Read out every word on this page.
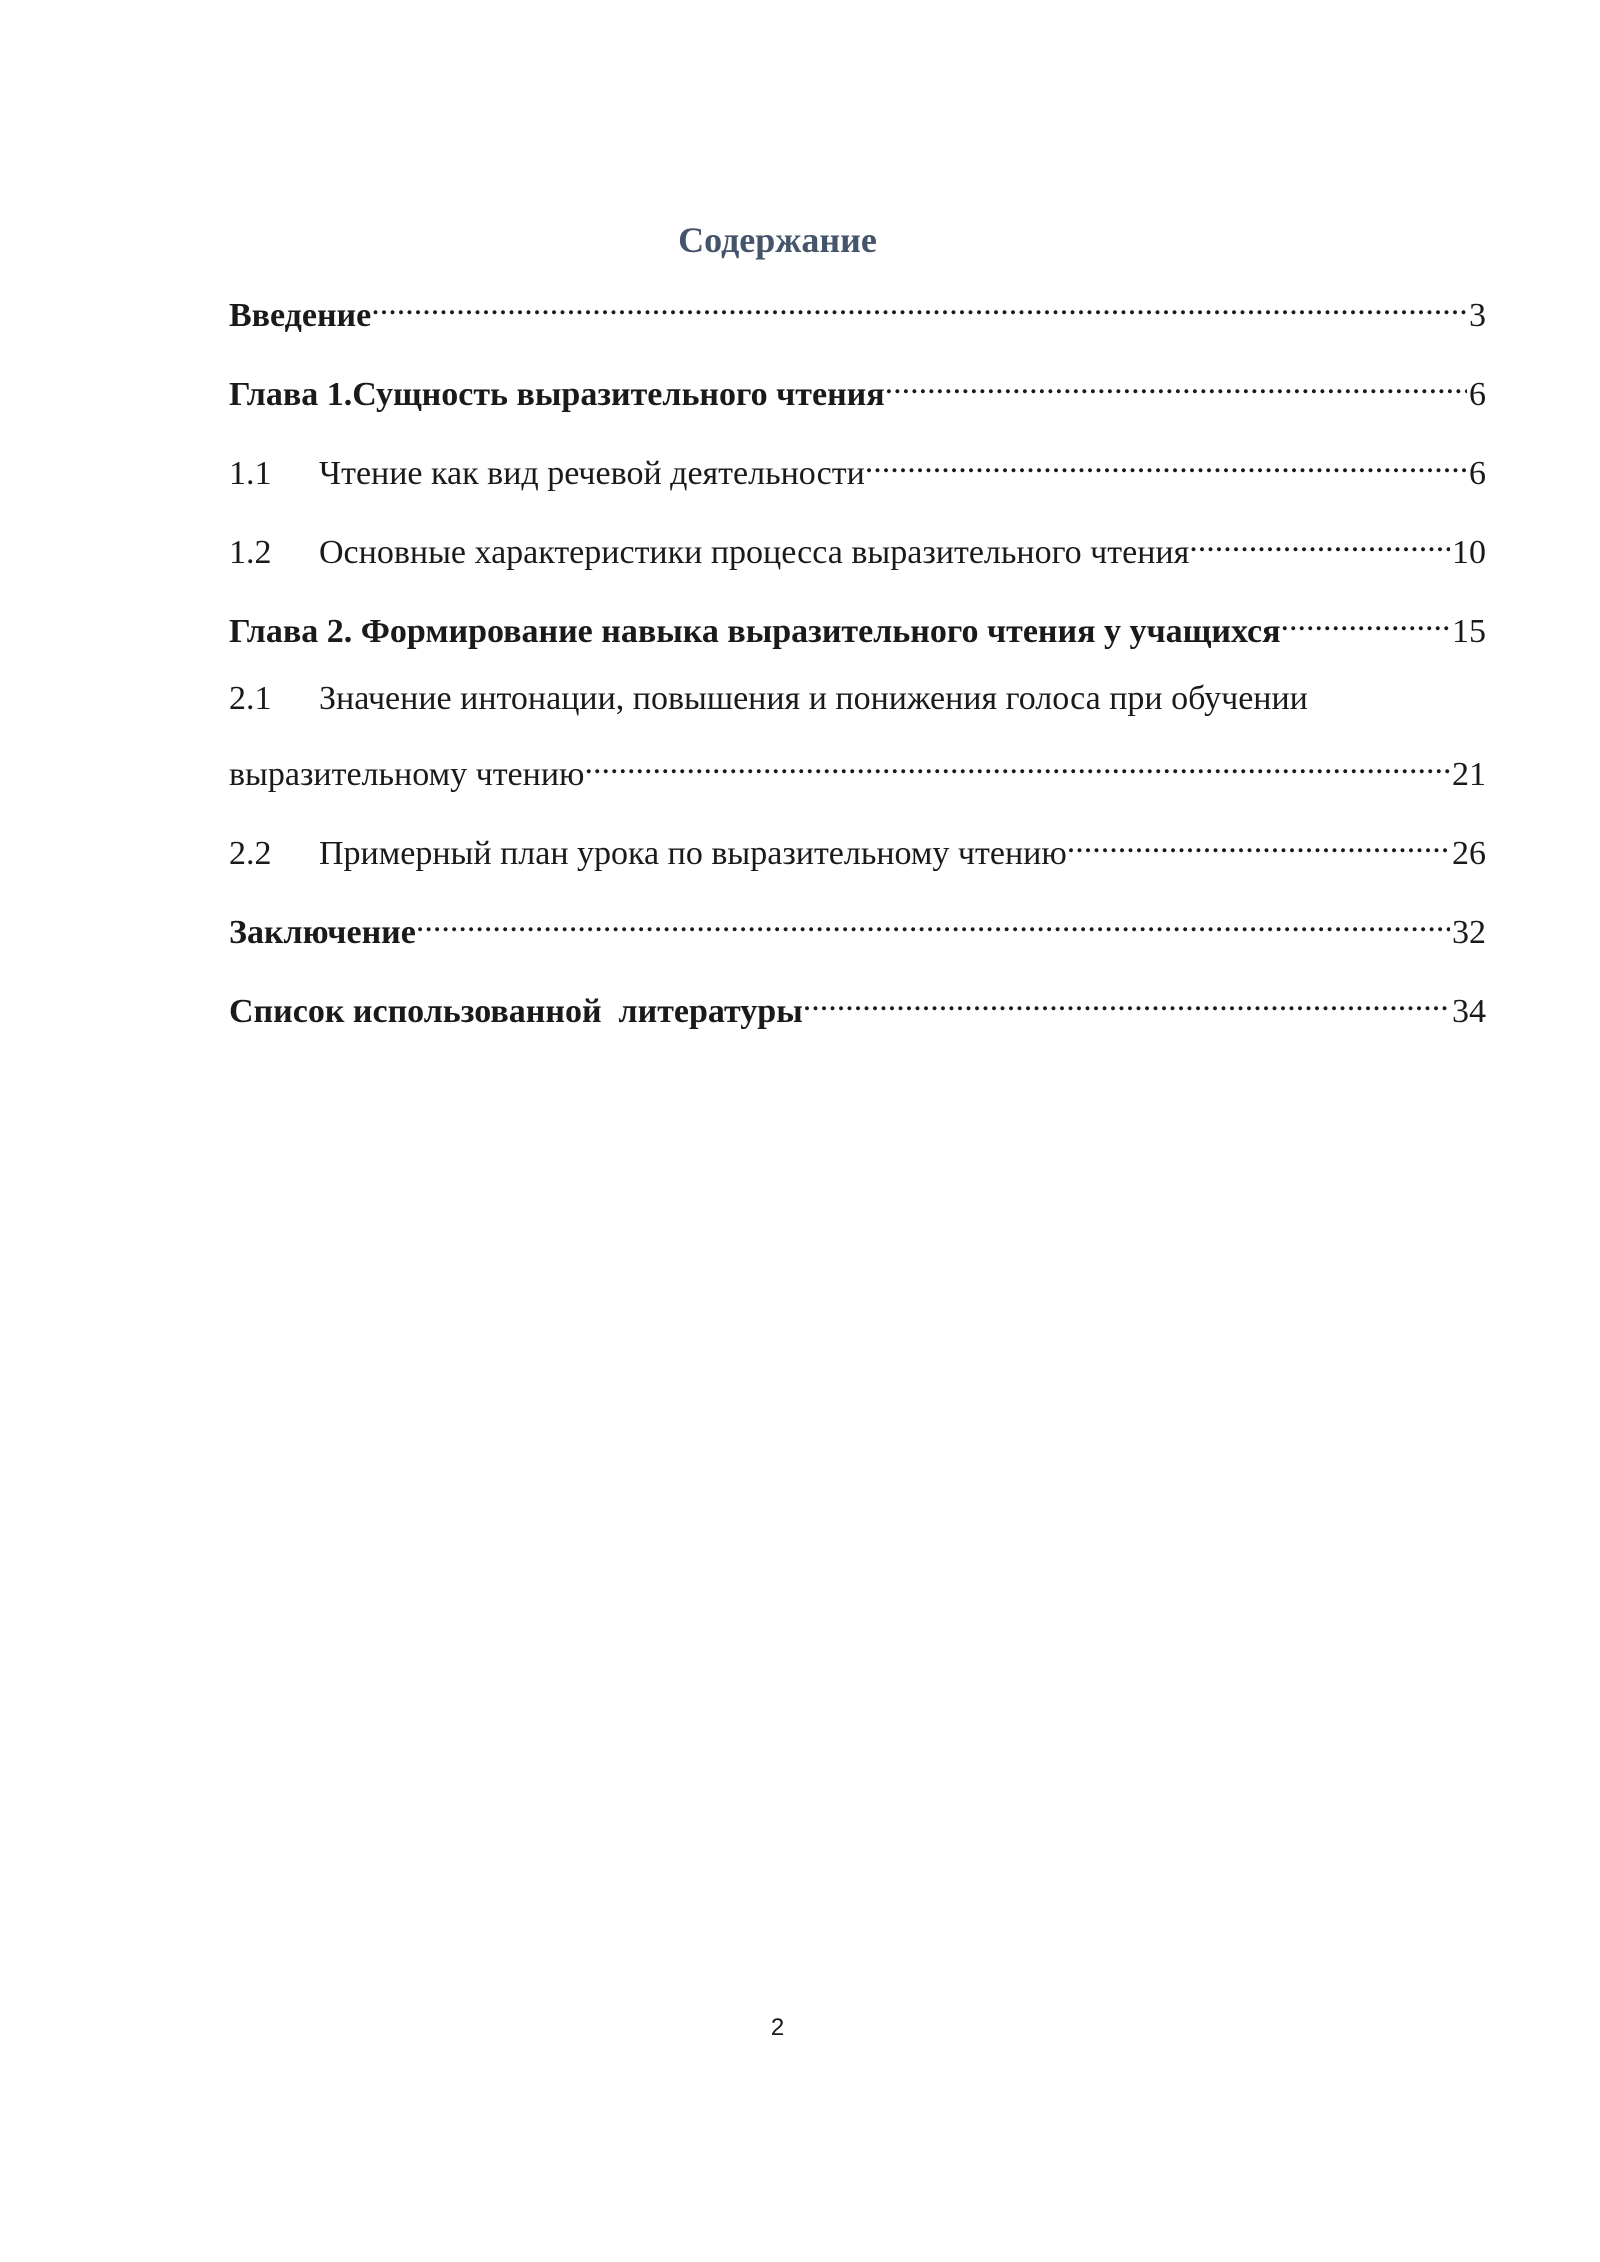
Содержание
Введение .....	3
Глава 1.Сущность выразительного чтения .....	6
1.1	Чтение как вид речевой деятельности .....	6
1.2	Основные характеристики процесса выразительного чтения .....	10
Глава 2. Формирование навыка выразительного чтения у учащихся .....	15
2.1	Значение интонации, повышения и понижения голоса при обучении
выразительному чтению .....	21
2.2	Примерный план урока по выразительному чтению .....	26
Заключение .....	32
Список использованной  литературы .....	34
2
